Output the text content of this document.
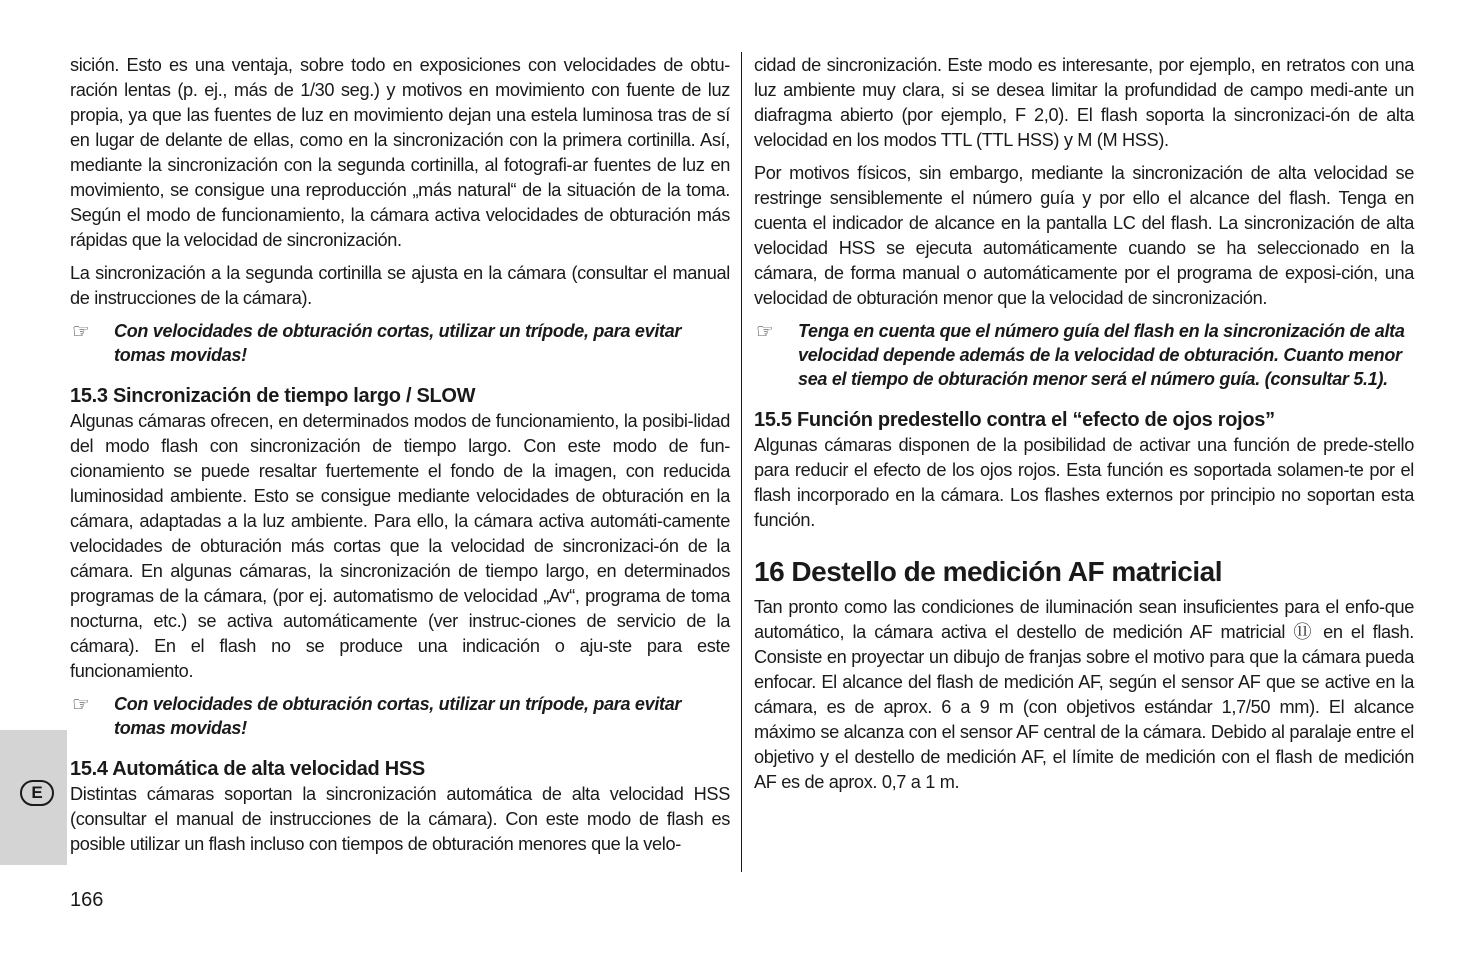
E

sición. Esto es una ventaja, sobre todo en exposiciones con velocidades de obtu-ración lentas (p. ej., más de 1/30 seg.) y motivos en movimiento con fuente de luz propia, ya que las fuentes de luz en movimiento dejan una estela luminosa tras de sí en lugar de delante de ellas, como en la sincronización con la primera cortinilla. Así, mediante la sincronización con la segunda cortinilla, al fotografi-ar fuentes de luz en movimiento, se consigue una reproducción „más natural“ de la situación de la toma. Según el modo de funcionamiento, la cámara activa velocidades de obturación más rápidas que la velocidad de sincronización.

La sincronización a la segunda cortinilla se ajusta en la cámara (consultar el manual de instrucciones de la cámara).

☞	Con velocidades de obturación cortas, utilizar un trípode, para evitar tomas movidas!
15.3 Sincronización de tiempo largo / SLOW

Algunas cámaras ofrecen, en determinados modos de funcionamiento, la posibi-lidad del modo flash con sincronización de tiempo largo. Con este modo de fun-cionamiento se puede resaltar fuertemente el fondo de la imagen, con reducida luminosidad ambiente. Esto se consigue mediante velocidades de obturación en la cámara, adaptadas a la luz ambiente. Para ello, la cámara activa automáti-camente velocidades de obturación más cortas que la velocidad de sincronizaci-ón de la cámara. En algunas cámaras, la sincronización de tiempo largo, en determinados programas de la cámara, (por ej. automatismo de velocidad „Av“, programa de toma nocturna, etc.) se activa automáticamente (ver instruc-ciones de servicio de la cámara). En el flash no se produce una indicación o aju-ste para este funcionamiento.

☞	Con velocidades de obturación cortas, utilizar un trípode, para evitar tomas movidas!
15.4 Automática de alta velocidad HSS

Distintas cámaras soportan la sincronización automática de alta velocidad HSS (consultar el manual de instrucciones de la cámara). Con este modo de flash es posible utilizar un flash incluso con tiempos de obturación menores que la velo-

cidad de sincronización. Este modo es interesante, por ejemplo, en retratos con una luz ambiente muy clara, si se desea limitar la profundidad de campo medi-ante un diafragma abierto (por ejemplo, F 2,0). El flash soporta la sincronizaci-ón de alta velocidad en los modos TTL (TTL HSS) y M (M HSS).

Por motivos físicos, sin embargo, mediante la sincronización de alta velocidad se restringe sensiblemente el número guía y por ello el alcance del flash. Tenga en cuenta el indicador de alcance en la pantalla LC del flash. La sincronización de alta velocidad HSS se ejecuta automáticamente cuando se ha seleccionado en la cámara, de forma manual o automáticamente por el programa de exposi-ción, una velocidad de obturación menor que la velocidad de sincronización.

☞	Tenga en cuenta que el número guía del flash en la sincronización de alta velocidad depende además de la velocidad de obturación. Cuanto menor sea el tiempo de obturación menor será el número guía. (consultar 5.1).
15.5 Función predestello contra el “efecto de ojos rojos”

Algunas cámaras disponen de la posibilidad de activar una función de prede-stello para reducir el efecto de los ojos rojos. Esta función es soportada solamen-te por el flash incorporado en la cámara. Los flashes externos por principio no soportan esta función.

16 Destello de medición AF matricial

Tan pronto como las condiciones de iluminación sean insuficientes para el enfo-que automático, la cámara activa el destello de medición AF matricial ⑪ en el flash. Consiste en proyectar un dibujo de franjas sobre el motivo para que la cámara pueda enfocar. El alcance del flash de medición AF, según el sensor AF que se active en la cámara, es de aprox. 6 a 9 m (con objetivos estándar 1,7/50 mm). El alcance máximo se alcanza con el sensor AF central de la cámara. Debido al paralaje entre el objetivo y el destello de medición AF, el límite de medición con el flash de medición AF es de aprox. 0,7 a 1 m.

166
